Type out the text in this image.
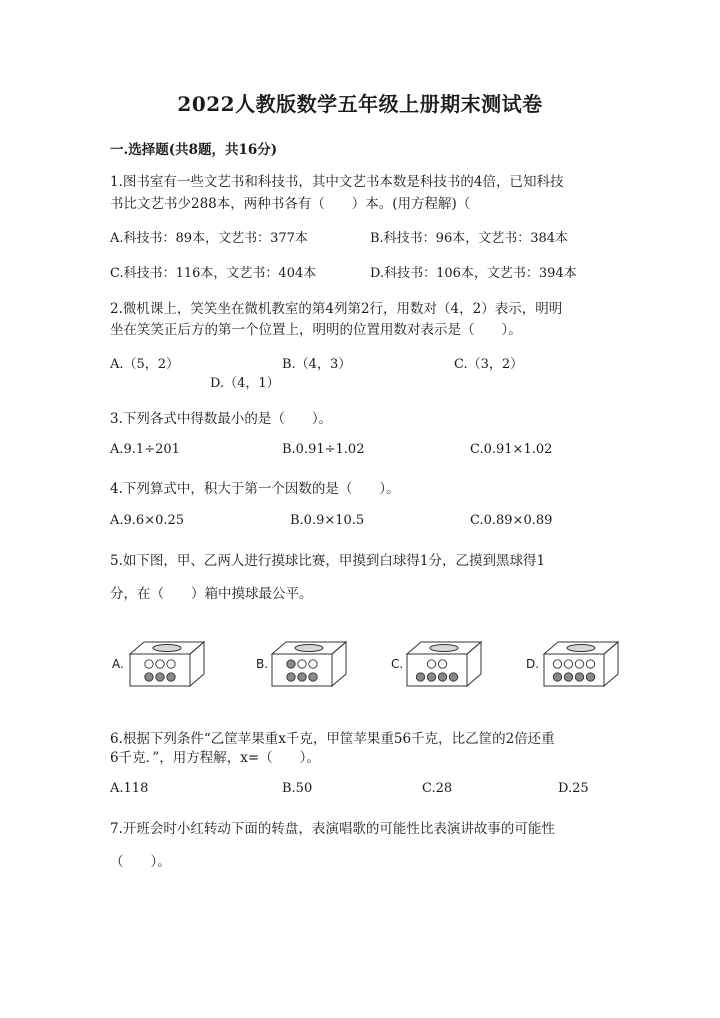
2022人教版数学五年级上册期末测试卷
一.选择题(共8题，共16分)
1.图书室有一些文艺书和科技书，其中文艺书本数是科技书的4倍，已知科技
书比文艺书少288本，两种书各有（　　）本。(用方程解)（
A.科技书：89本，文艺书：377本	B.科技书：96本，文艺书：384本
C.科技书：116本，文艺书：404本	D.科技书：106本，文艺书：394本
2.微机课上，笑笑坐在微机教室的第4列第2行，用数对（4，2）表示，明明
坐在笑笑正后方的第一个位置上，明明的位置用数对表示是（　　）。
A.（5，2）	B.（4，3）	C.（3，2）
D.（4，1）
3.下列各式中得数最小的是（　　）。
A.9.1÷201	B.0.91÷1.02	C.0.91×1.02
4.下列算式中，积大于第一个因数的是（　　）。
A.9.6×0.25	B.0.9×10.5	C.0.89×0.89
5.如下图，甲、乙两人进行摸球比赛，甲摸到白球得1分，乙摸到黑球得1
分，在（　　）箱中摸球最公平。
A.	B.	C.	D.
6.根据下列条件“乙筐苹果重x千克，甲筐苹果重56千克，比乙筐的2倍还重
6千克．”，用方程解，x=（　　）。
A.118	B.50	C.28	D.25
7.开班会时小红转动下面的转盘，表演唱歌的可能性比表演讲故事的可能性
（　　）。
